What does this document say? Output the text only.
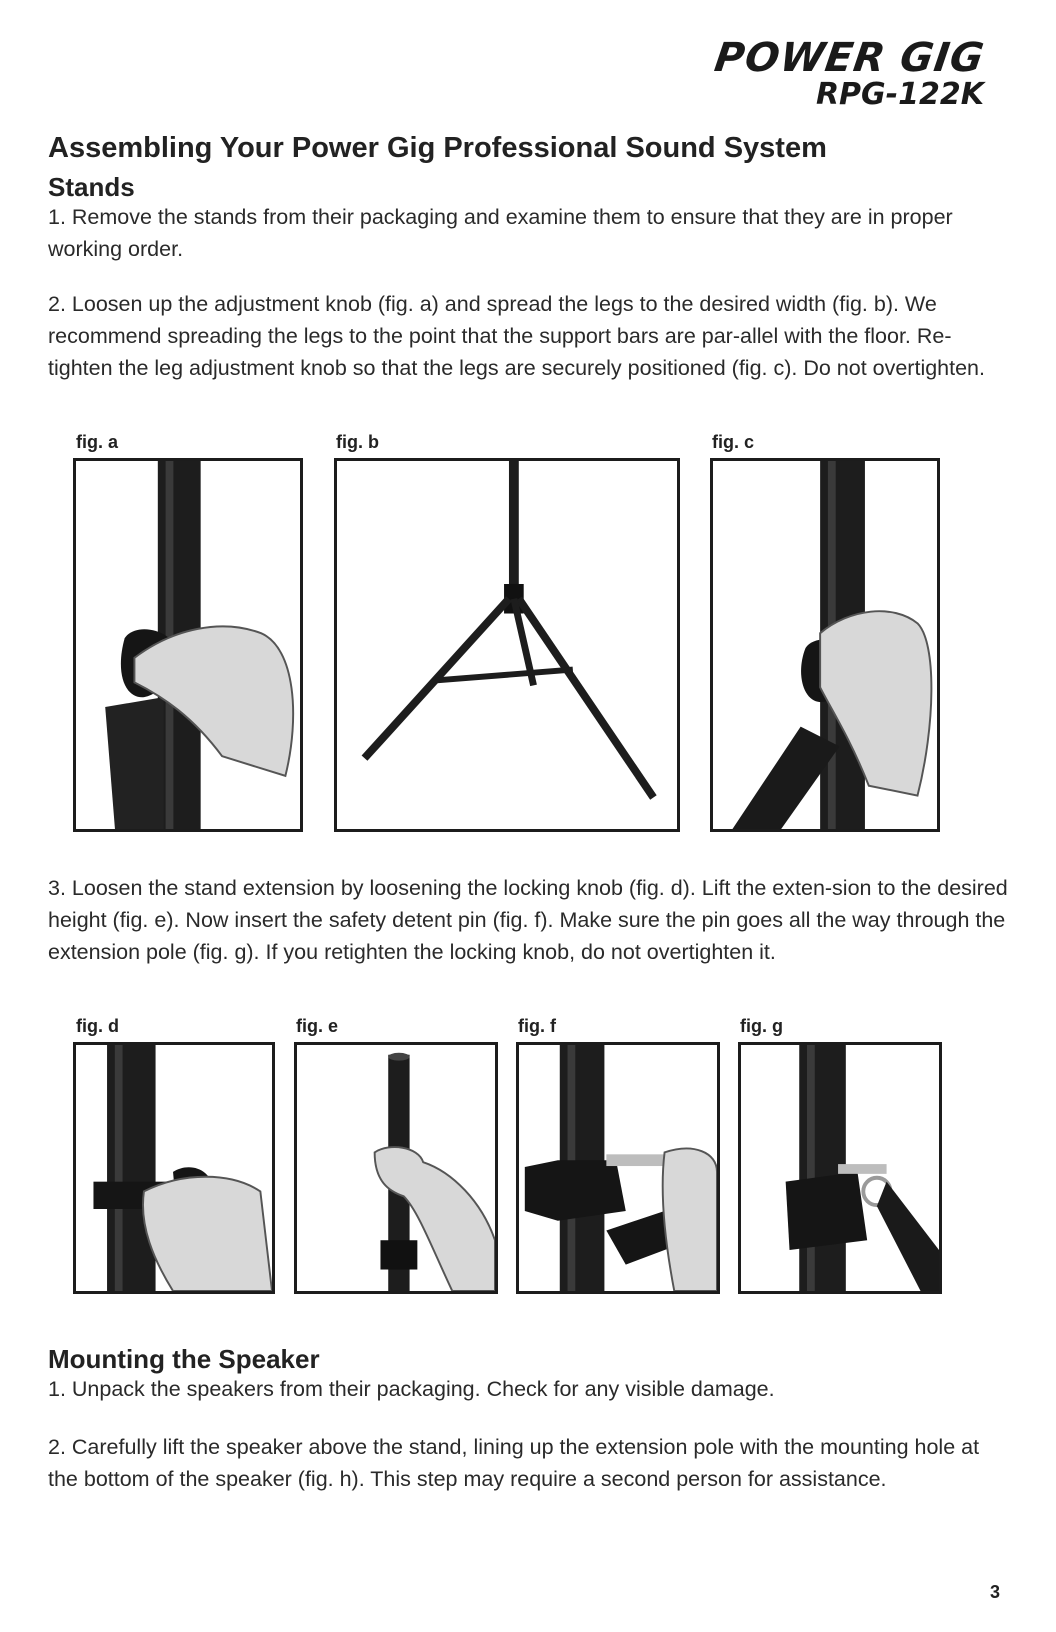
POWER GIG
RPG-122K
Assembling Your Power Gig Professional Sound System
Stands

1. Remove the stands from their packaging and examine them to ensure that they are in proper working order.

2. Loosen up the adjustment knob (fig. a) and spread the legs to the desired width (fig. b). We recommend spreading the legs to the point that the support bars are par-allel with the floor. Re-tighten the leg adjustment knob so that the legs are securely positioned (fig. c). Do not overtighten.

fig. a	fig. b	fig. c

3. Loosen the stand extension by loosening the locking knob (fig. d). Lift the exten-sion to the desired height (fig. e). Now insert the safety detent pin (fig. f). Make sure the pin goes all the way through the extension pole (fig. g). If you retighten the locking knob, do not overtighten it.

fig. d	fig. e	fig. f	fig. g
Mounting the Speaker

1. Unpack the speakers from their packaging. Check for any visible damage.

2. Carefully lift the speaker above the stand, lining up the extension pole with the mounting hole at the bottom of the speaker (fig. h). This step may require a second person for assistance.

3
